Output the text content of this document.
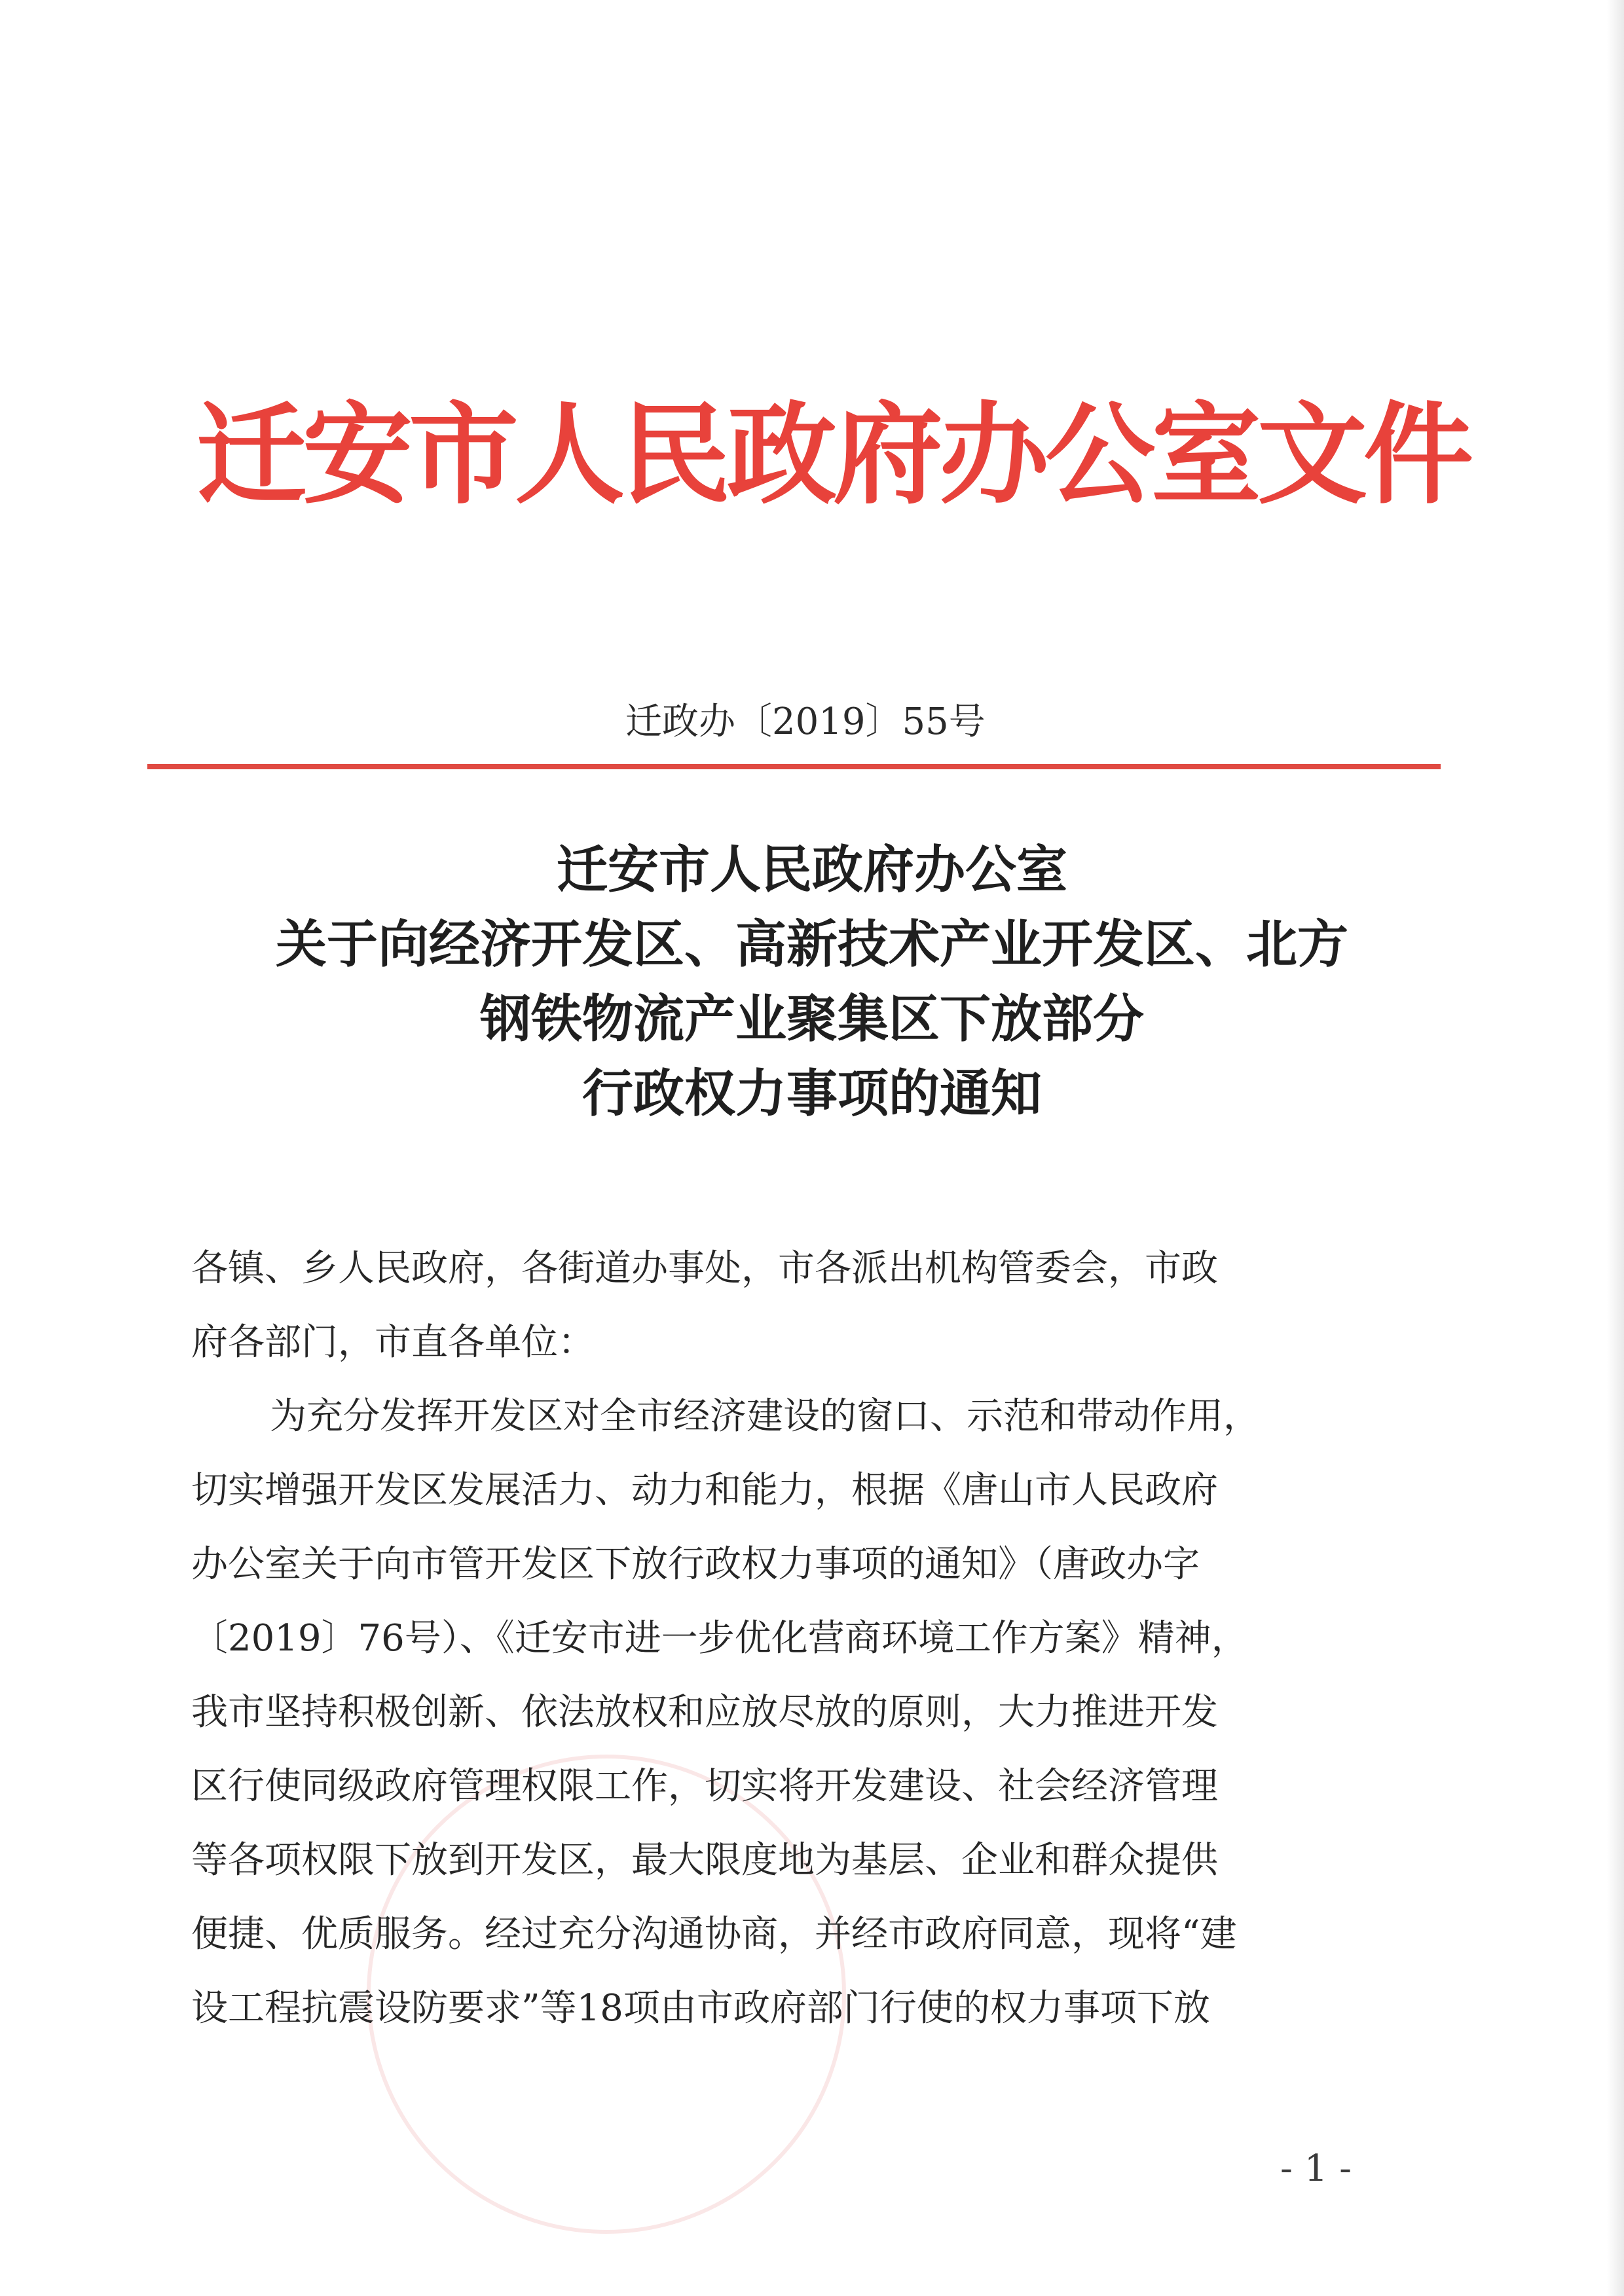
迁安市人民政府办公室文件
迁政办〔2019〕55号
迁安市人民政府办公室
关于向经济开发区、高新技术产业开发区、北方
钢铁物流产业聚集区下放部分
行政权力事项的通知
各镇、乡人民政府，各街道办事处，市各派出机构管委会，市政
府各部门，市直各单位：
为充分发挥开发区对全市经济建设的窗口、示范和带动作用，
切实增强开发区发展活力、动力和能力，根据《唐山市人民政府
办公室关于向市管开发区下放行政权力事项的通知》（唐政办字
〔2019〕76号）、《迁安市进一步优化营商环境工作方案》精神，
我市坚持积极创新、依法放权和应放尽放的原则，大力推进开发
区行使同级政府管理权限工作，切实将开发建设、社会经济管理
等各项权限下放到开发区，最大限度地为基层、企业和群众提供
便捷、优质服务。经过充分沟通协商，并经市政府同意，现将“建
设工程抗震设防要求”等18项由市政府部门行使的权力事项下放
- 1 -
